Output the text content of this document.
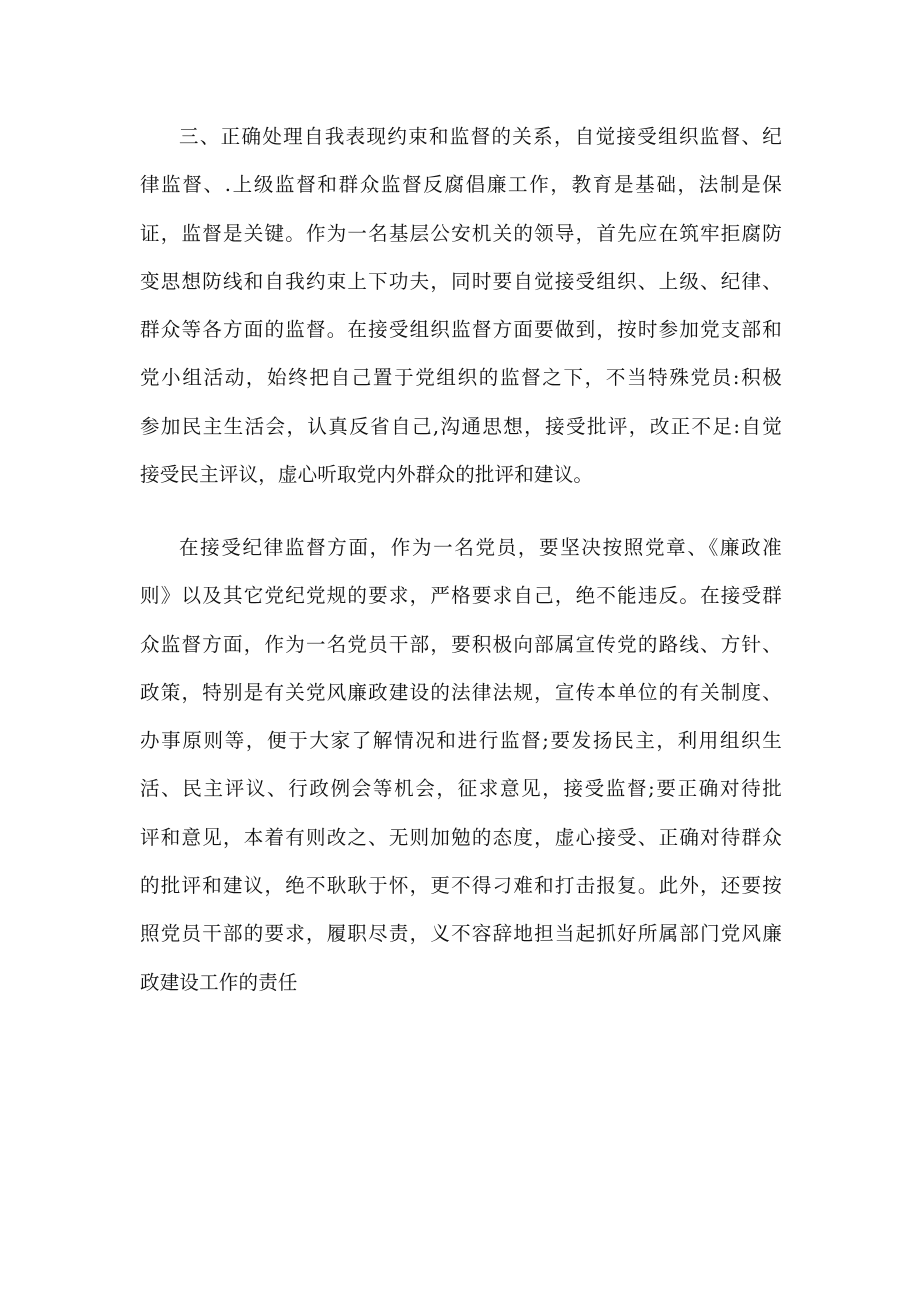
三、正确处理自我表现约束和监督的关系，自觉接受组织监督、纪
律监督、.上级监督和群众监督反腐倡廉工作，教育是基础，法制是保
证，监督是关键。作为一名基层公安机关的领导，首先应在筑牢拒腐防
变思想防线和自我约束上下功夫，同时要自觉接受组织、上级、纪律、
群众等各方面的监督。在接受组织监督方面要做到，按时参加党支部和
党小组活动，始终把自己置于党组织的监督之下，不当特殊党员:积极
参加民主生活会，认真反省自己,沟通思想，接受批评，改正不足:自觉
接受民主评议，虚心听取党内外群众的批评和建议。
在接受纪律监督方面，作为一名党员，要坚决按照党章、《廉政准
则》以及其它党纪党规的要求，严格要求自己，绝不能违反。在接受群
众监督方面，作为一名党员干部，要积极向部属宣传党的路线、方针、
政策，特别是有关党风廉政建设的法律法规，宣传本单位的有关制度、
办事原则等，便于大家了解情况和进行监督;要发扬民主，利用组织生
活、民主评议、行政例会等机会，征求意见，接受监督;要正确对待批
评和意见，本着有则改之、无则加勉的态度，虚心接受、正确对待群众
的批评和建议，绝不耿耿于怀，更不得刁难和打击报复。此外，还要按
照党员干部的要求，履职尽责，义不容辞地担当起抓好所属部门党风廉
政建设工作的责任
